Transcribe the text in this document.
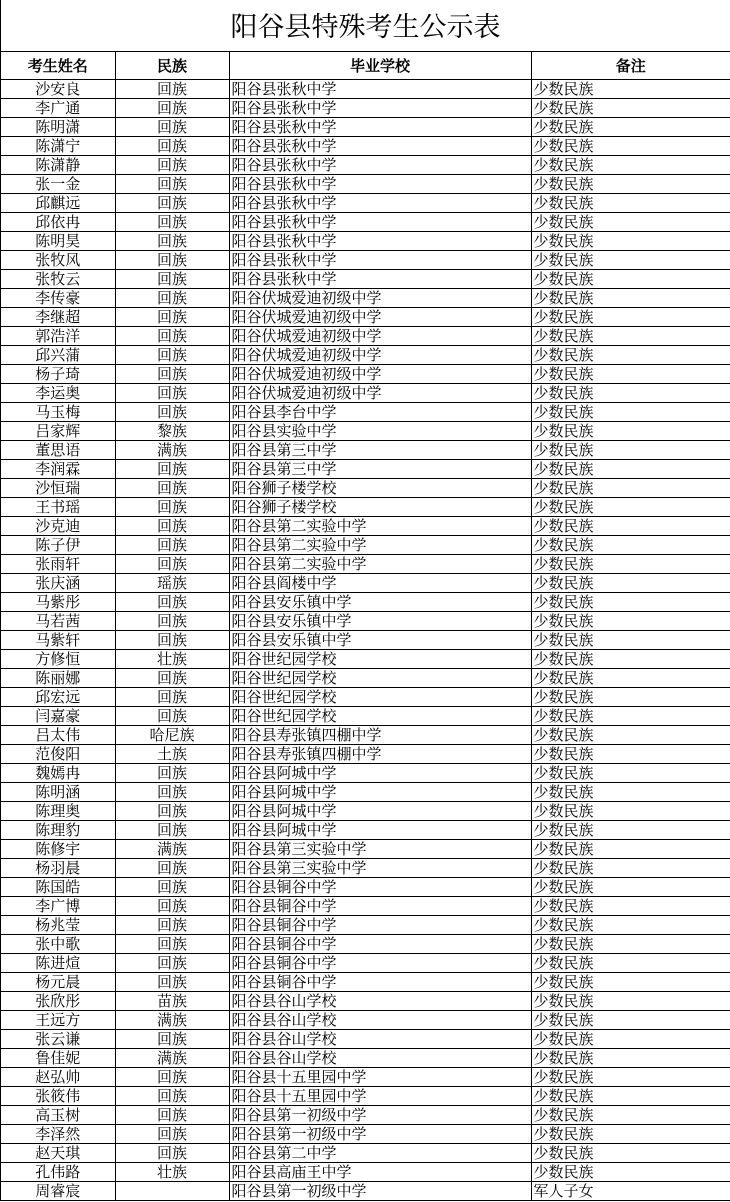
阳谷县特殊考生公示表
考生姓名	民族	毕业学校	备注
沙安良	回族	阳谷县张秋中学	少数民族
李广通	回族	阳谷县张秋中学	少数民族
陈明潇	回族	阳谷县张秋中学	少数民族
陈潇宁	回族	阳谷县张秋中学	少数民族
陈潇静	回族	阳谷县张秋中学	少数民族
张一金	回族	阳谷县张秋中学	少数民族
邱麒远	回族	阳谷县张秋中学	少数民族
邱依冉	回族	阳谷县张秋中学	少数民族
陈明昊	回族	阳谷县张秋中学	少数民族
张牧风	回族	阳谷县张秋中学	少数民族
张牧云	回族	阳谷县张秋中学	少数民族
李传豪	回族	阳谷伏城爱迪初级中学	少数民族
李继超	回族	阳谷伏城爱迪初级中学	少数民族
郭浩洋	回族	阳谷伏城爱迪初级中学	少数民族
邱兴蒲	回族	阳谷伏城爱迪初级中学	少数民族
杨子琦	回族	阳谷伏城爱迪初级中学	少数民族
李运奥	回族	阳谷伏城爱迪初级中学	少数民族
马玉梅	回族	阳谷县李台中学	少数民族
吕家辉	黎族	阳谷县实验中学	少数民族
董思语	满族	阳谷县第三中学	少数民族
李润霖	回族	阳谷县第三中学	少数民族
沙恒瑞	回族	阳谷狮子楼学校	少数民族
王书瑶	回族	阳谷狮子楼学校	少数民族
沙克迪	回族	阳谷县第二实验中学	少数民族
陈子伊	回族	阳谷县第二实验中学	少数民族
张雨轩	回族	阳谷县第二实验中学	少数民族
张庆涵	瑶族	阳谷县阎楼中学	少数民族
马紫彤	回族	阳谷县安乐镇中学	少数民族
马若茜	回族	阳谷县安乐镇中学	少数民族
马紫轩	回族	阳谷县安乐镇中学	少数民族
方修恒	壮族	阳谷世纪园学校	少数民族
陈丽娜	回族	阳谷世纪园学校	少数民族
邱宏远	回族	阳谷世纪园学校	少数民族
闫嘉豪	回族	阳谷世纪园学校	少数民族
吕太伟	哈尼族	阳谷县寿张镇四棚中学	少数民族
范俊阳	土族	阳谷县寿张镇四棚中学	少数民族
魏嫣冉	回族	阳谷县阿城中学	少数民族
陈明涵	回族	阳谷县阿城中学	少数民族
陈理奥	回族	阳谷县阿城中学	少数民族
陈理豹	回族	阳谷县阿城中学	少数民族
陈修宇	满族	阳谷县第三实验中学	少数民族
杨羽晨	回族	阳谷县第三实验中学	少数民族
陈国皓	回族	阳谷县铜谷中学	少数民族
李广博	回族	阳谷县铜谷中学	少数民族
杨兆莹	回族	阳谷县铜谷中学	少数民族
张中歌	回族	阳谷县铜谷中学	少数民族
陈进煊	回族	阳谷县铜谷中学	少数民族
杨元晨	回族	阳谷县铜谷中学	少数民族
张欣彤	苗族	阳谷县谷山学校	少数民族
王远方	满族	阳谷县谷山学校	少数民族
张云谦	回族	阳谷县谷山学校	少数民族
鲁佳妮	满族	阳谷县谷山学校	少数民族
赵弘帅	回族	阳谷县十五里园中学	少数民族
张筱伟	回族	阳谷县十五里园中学	少数民族
高玉树	回族	阳谷县第一初级中学	少数民族
李泽然	回族	阳谷县第一初级中学	少数民族
赵天琪	回族	阳谷县第二中学	少数民族
孔伟路	壮族	阳谷县高庙王中学	少数民族
周睿宸		阳谷县第一初级中学	军人子女
